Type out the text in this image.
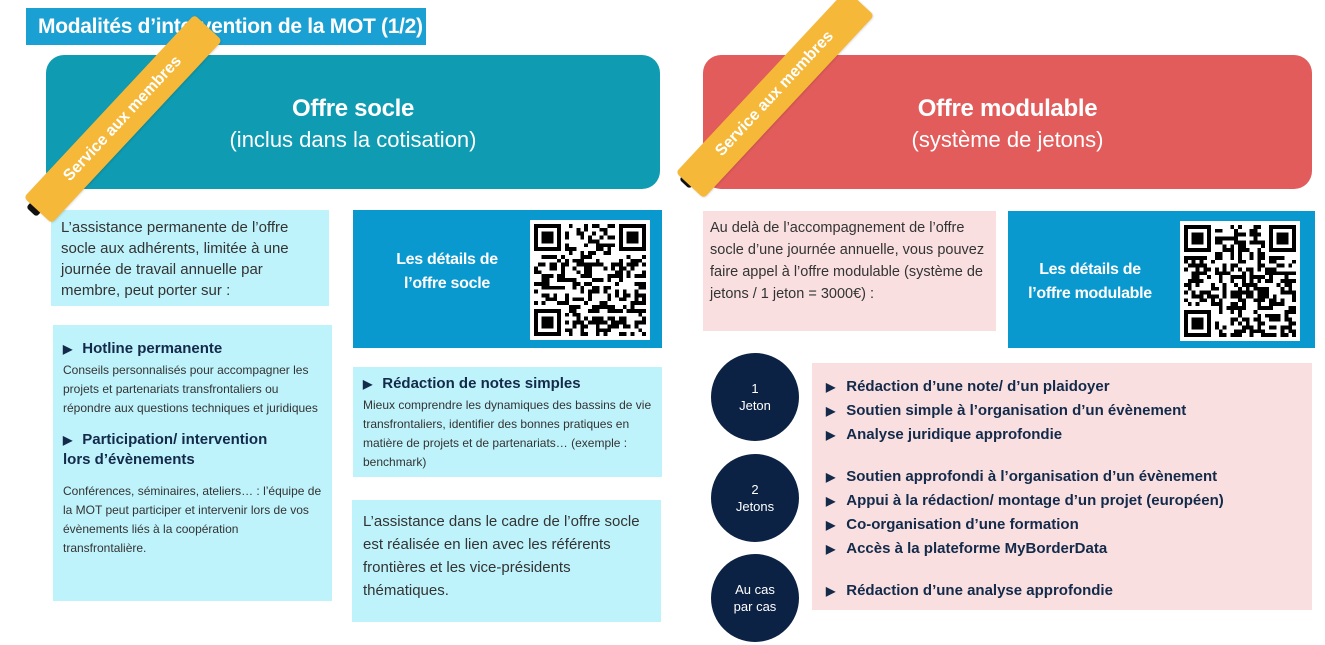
Modalités d’intervention de la MOT (1/2)
Offre socle
(inclus dans la cotisation)
Service aux membres	Offre modulable
(système de jetons)
Service aux membres
L’assistance permanente de l’offre socle aux adhérents, limitée à une journée de travail annuelle par membre, peut porter sur :
Les détails de
l’offre socle
▶ Hotline permanente
Conseils personnalisés pour accompagner les projets et partenariats transfrontaliers ou répondre aux questions techniques et juridiques
▶ Participation/ intervention
lors d’évènements
Conférences, séminaires, ateliers… : l’équipe de la MOT peut participer et intervenir lors de vos évènements liés à la coopération transfrontalière.
▶ Rédaction de notes simples
Mieux comprendre les dynamiques des bassins de vie transfrontaliers, identifier des bonnes pratiques en matière de projets et de partenariats… (exemple : benchmark)
L’assistance dans le cadre de l’offre socle est réalisée en lien avec les référents frontières et les vice-présidents thématiques.
Au delà de l’accompagnement de l’offre socle d’une journée annuelle, vous pouvez faire appel à l’offre modulable (système de jetons / 1 jeton = 3000€) :
Les détails de
l’offre modulable
1
Jeton
2
Jetons
Au cas
par cas
▶ Rédaction d’une note/ d’un plaidoyer
▶ Soutien simple à l’organisation d’un évènement
▶ Analyse juridique approfondie
▶ Soutien approfondi à l’organisation d’un évènement
▶ Appui à la rédaction/ montage d’un projet (européen)
▶ Co-organisation d’une formation
▶ Accès à la plateforme MyBorderData
▶ Rédaction d’une analyse approfondie
